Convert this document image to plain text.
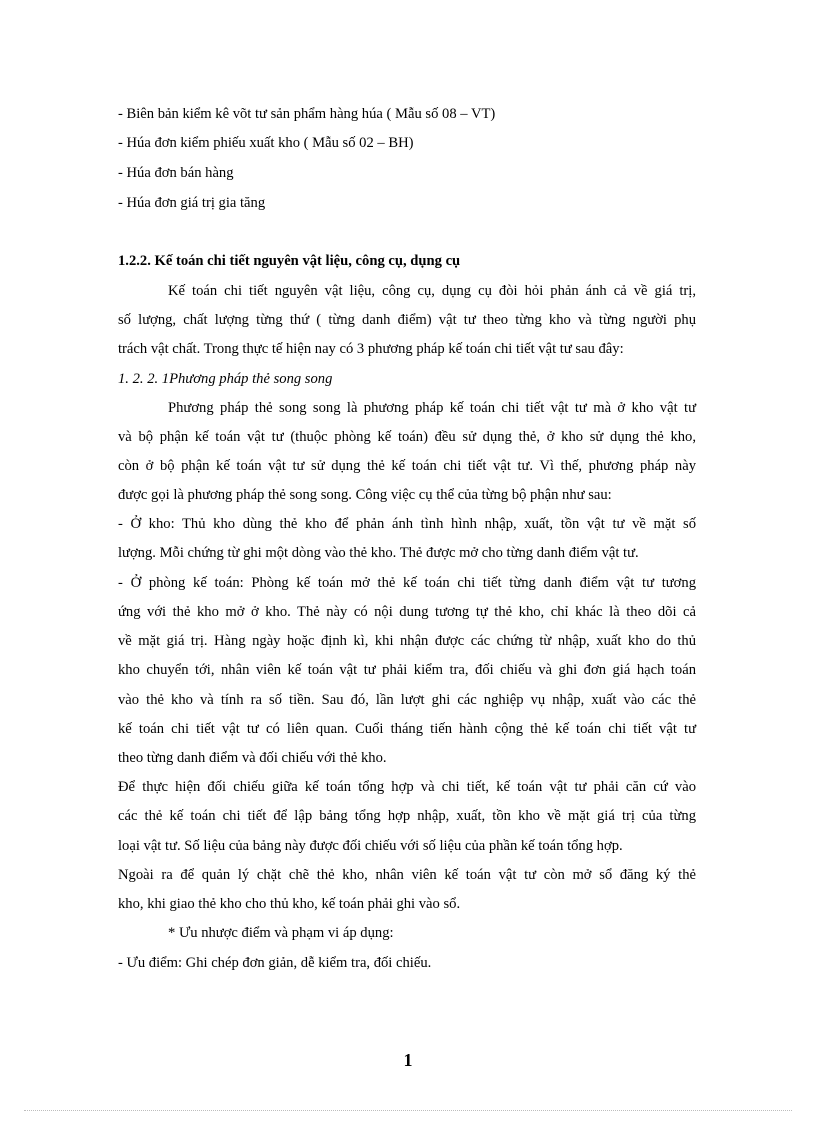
- Biên bản kiểm kê võt tư sản phẩm hàng húa ( Mẫu số 08 – VT)
- Húa đơn kiểm phiếu xuất kho ( Mẫu số 02 – BH)
- Húa đơn bán hàng
- Húa đơn giá trị gia tăng
1.2.2. Kế toán chi tiết nguyên vật liệu, công cụ, dụng cụ
Kế toán chi tiết nguyên vật liệu, công cụ, dụng cụ đòi hỏi phản ánh cả về giá trị,
số lượng, chất lượng từng thứ ( từng danh điểm) vật tư theo từng kho và từng người phụ
trách vật chất. Trong thực tế hiện nay có 3 phương pháp kế toán chi tiết vật tư sau đây:
1. 2. 2. 1Phương pháp thẻ song song
Phương pháp thẻ song song là phương pháp kế toán chi tiết vật tư mà ở kho vật tư
và bộ phận kế toán vật tư (thuộc phòng kế toán) đều sử dụng thẻ, ở kho sử dụng thẻ kho,
còn ở bộ phận kế toán vật tư sử dụng thẻ kế toán chi tiết vật tư. Vì thế, phương pháp này
được gọi là phương pháp thẻ song song. Công việc cụ thể của từng bộ phận như sau:
- Ở kho: Thủ kho dùng thẻ kho để phản ánh tình hình nhập, xuất, tồn vật tư về mặt số
lượng. Mỗi chứng từ ghi một dòng vào thẻ kho. Thẻ được mở cho từng danh điểm vật tư.
- Ở phòng kế toán: Phòng kế toán mở thẻ kế toán chi tiết từng danh điểm vật tư tương
ứng với thẻ kho mở ở kho. Thẻ này có nội dung tương tự thẻ kho, chỉ khác là theo dõi cả
về mặt giá trị. Hàng ngày hoặc định kì, khi nhận được các chứng từ nhập, xuất kho do thủ
kho chuyển tới, nhân viên kế toán vật tư phải kiểm tra, đối chiếu và ghi đơn giá hạch toán
vào thẻ kho và tính ra số tiền. Sau đó, lần lượt ghi các nghiệp vụ nhập, xuất vào các thẻ
kế toán chi tiết vật tư có liên quan. Cuối tháng tiến hành cộng thẻ kế toán chi tiết vật tư
theo từng danh điểm và đối chiếu với thẻ kho.
Để thực hiện đối chiếu giữa kế toán tổng hợp và chi tiết, kế toán vật tư phải căn cứ vào
các thẻ kế toán chi tiết để lập bảng tổng hợp nhập, xuất, tồn kho về mặt giá trị của từng
loại vật tư. Số liệu của bảng này được đối chiếu với số liệu của phần kế toán tổng hợp.
Ngoài ra để quản lý chặt chẽ thẻ kho, nhân viên kế toán vật tư còn mở sổ đăng ký thẻ
kho, khi giao thẻ kho cho thủ kho, kế toán phải ghi vào sổ.
* Ưu nhược điểm và phạm vi áp dụng:
- Ưu điểm: Ghi chép đơn giản, dễ kiểm tra, đối chiếu.
1
